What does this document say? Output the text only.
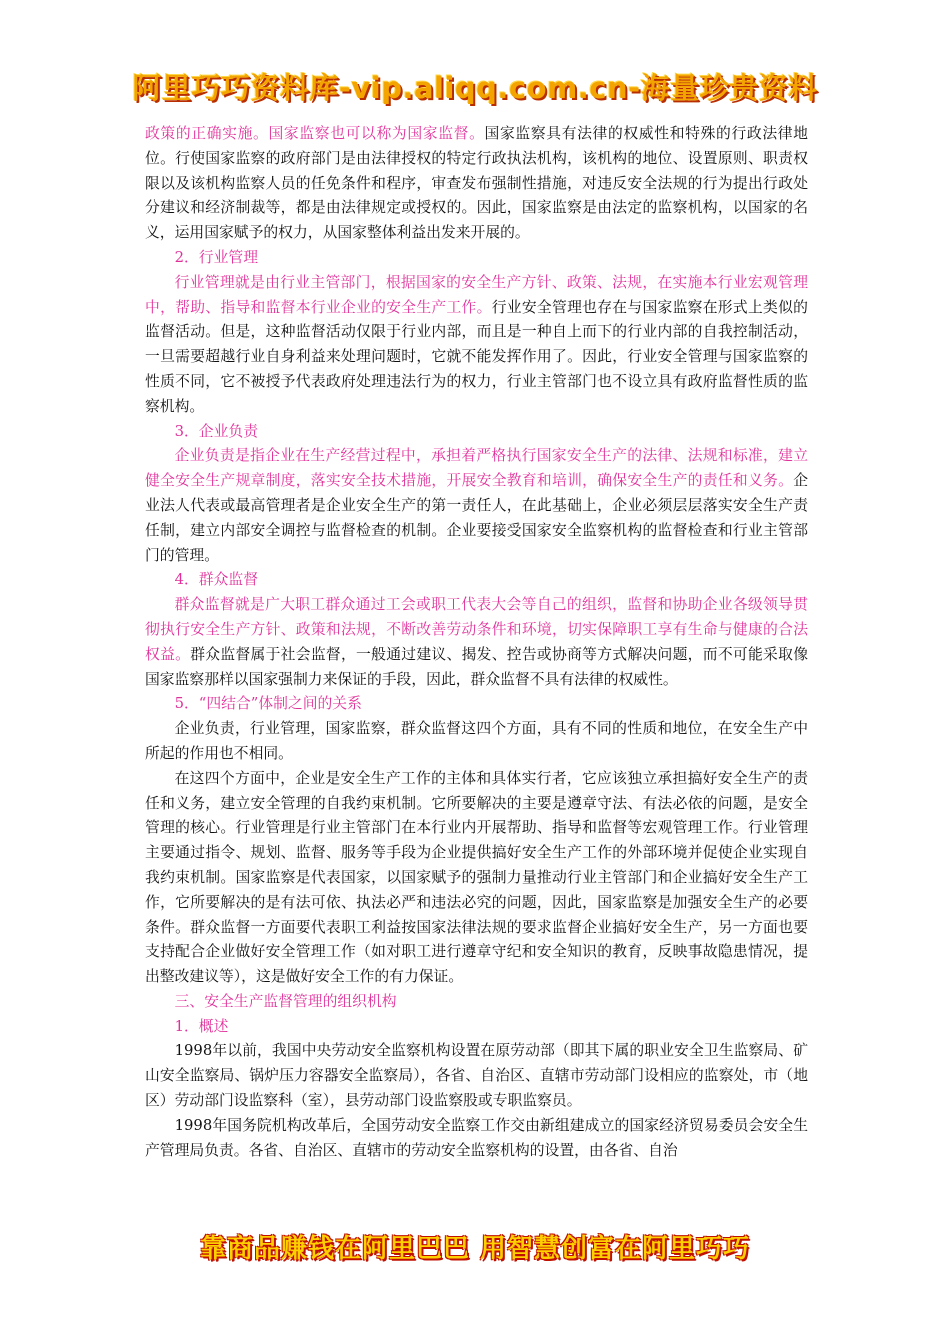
阿里巧巧资料库-vip.aliqq.com.cn-海量珍贵资料

政策的正确实施。国家监察也可以称为国家监督。国家监察具有法律的权威性和特殊的行政法律地位。行使国家监察的政府部门是由法律授权的特定行政执法机构，该机构的地位、设置原则、职责权限以及该机构监察人员的任免条件和程序，审查发布强制性措施，对违反安全法规的行为提出行政处分建议和经济制裁等，都是由法律规定或授权的。因此，国家监察是由法定的监察机构，以国家的名义，运用国家赋予的权力，从国家整体利益出发来开展的。

2．行业管理

行业管理就是由行业主管部门，根据国家的安全生产方针、政策、法规，在实施本行业宏观管理中，帮助、指导和监督本行业企业的安全生产工作。行业安全管理也存在与国家监察在形式上类似的监督活动。但是，这种监督活动仅限于行业内部，而且是一种自上而下的行业内部的自我控制活动，一旦需要超越行业自身利益来处理问题时，它就不能发挥作用了。因此，行业安全管理与国家监察的性质不同，它不被授予代表政府处理违法行为的权力，行业主管部门也不设立具有政府监督性质的监察机构。

3．企业负责

企业负责是指企业在生产经营过程中，承担着严格执行国家安全生产的法律、法规和标准，建立健全安全生产规章制度，落实安全技术措施，开展安全教育和培训，确保安全生产的责任和义务。企业法人代表或最高管理者是企业安全生产的第一责任人，在此基础上，企业必须层层落实安全生产责任制，建立内部安全调控与监督检查的机制。企业要接受国家安全监察机构的监督检查和行业主管部门的管理。

4．群众监督

群众监督就是广大职工群众通过工会或职工代表大会等自己的组织，监督和协助企业各级领导贯彻执行安全生产方针、政策和法规，不断改善劳动条件和环境，切实保障职工享有生命与健康的合法权益。群众监督属于社会监督，一般通过建议、揭发、控告或协商等方式解决问题，而不可能采取像国家监察那样以国家强制力来保证的手段，因此，群众监督不具有法律的权威性。

5．“四结合”体制之间的关系

企业负责，行业管理，国家监察，群众监督这四个方面，具有不同的性质和地位，在安全生产中所起的作用也不相同。

在这四个方面中，企业是安全生产工作的主体和具体实行者，它应该独立承担搞好安全生产的责任和义务，建立安全管理的自我约束机制。它所要解决的主要是遵章守法、有法必依的问题，是安全管理的核心。行业管理是行业主管部门在本行业内开展帮助、指导和监督等宏观管理工作。行业管理主要通过指令、规划、监督、服务等手段为企业提供搞好安全生产工作的外部环境并促使企业实现自我约束机制。国家监察是代表国家，以国家赋予的强制力量推动行业主管部门和企业搞好安全生产工作，它所要解决的是有法可依、执法必严和违法必究的问题，因此，国家监察是加强安全生产的必要条件。群众监督一方面要代表职工利益按国家法律法规的要求监督企业搞好安全生产，另一方面也要支持配合企业做好安全管理工作（如对职工进行遵章守纪和安全知识的教育，反映事故隐患情况，提出整改建议等），这是做好安全工作的有力保证。

三、安全生产监督管理的组织机构

1．概述

1998年以前，我国中央劳动安全监察机构设置在原劳动部（即其下属的职业安全卫生监察局、矿山安全监察局、锅炉压力容器安全监察局），各省、自治区、直辖市劳动部门设相应的监察处，市（地区）劳动部门设监察科（室），县劳动部门设监察股或专职监察员。

1998年国务院机构改革后，全国劳动安全监察工作交由新组建成立的国家经济贸易委员会安全生产管理局负责。各省、自治区、直辖市的劳动安全监察机构的设置，由各省、自治

靠商品赚钱在阿里巴巴 用智慧创富在阿里巧巧
